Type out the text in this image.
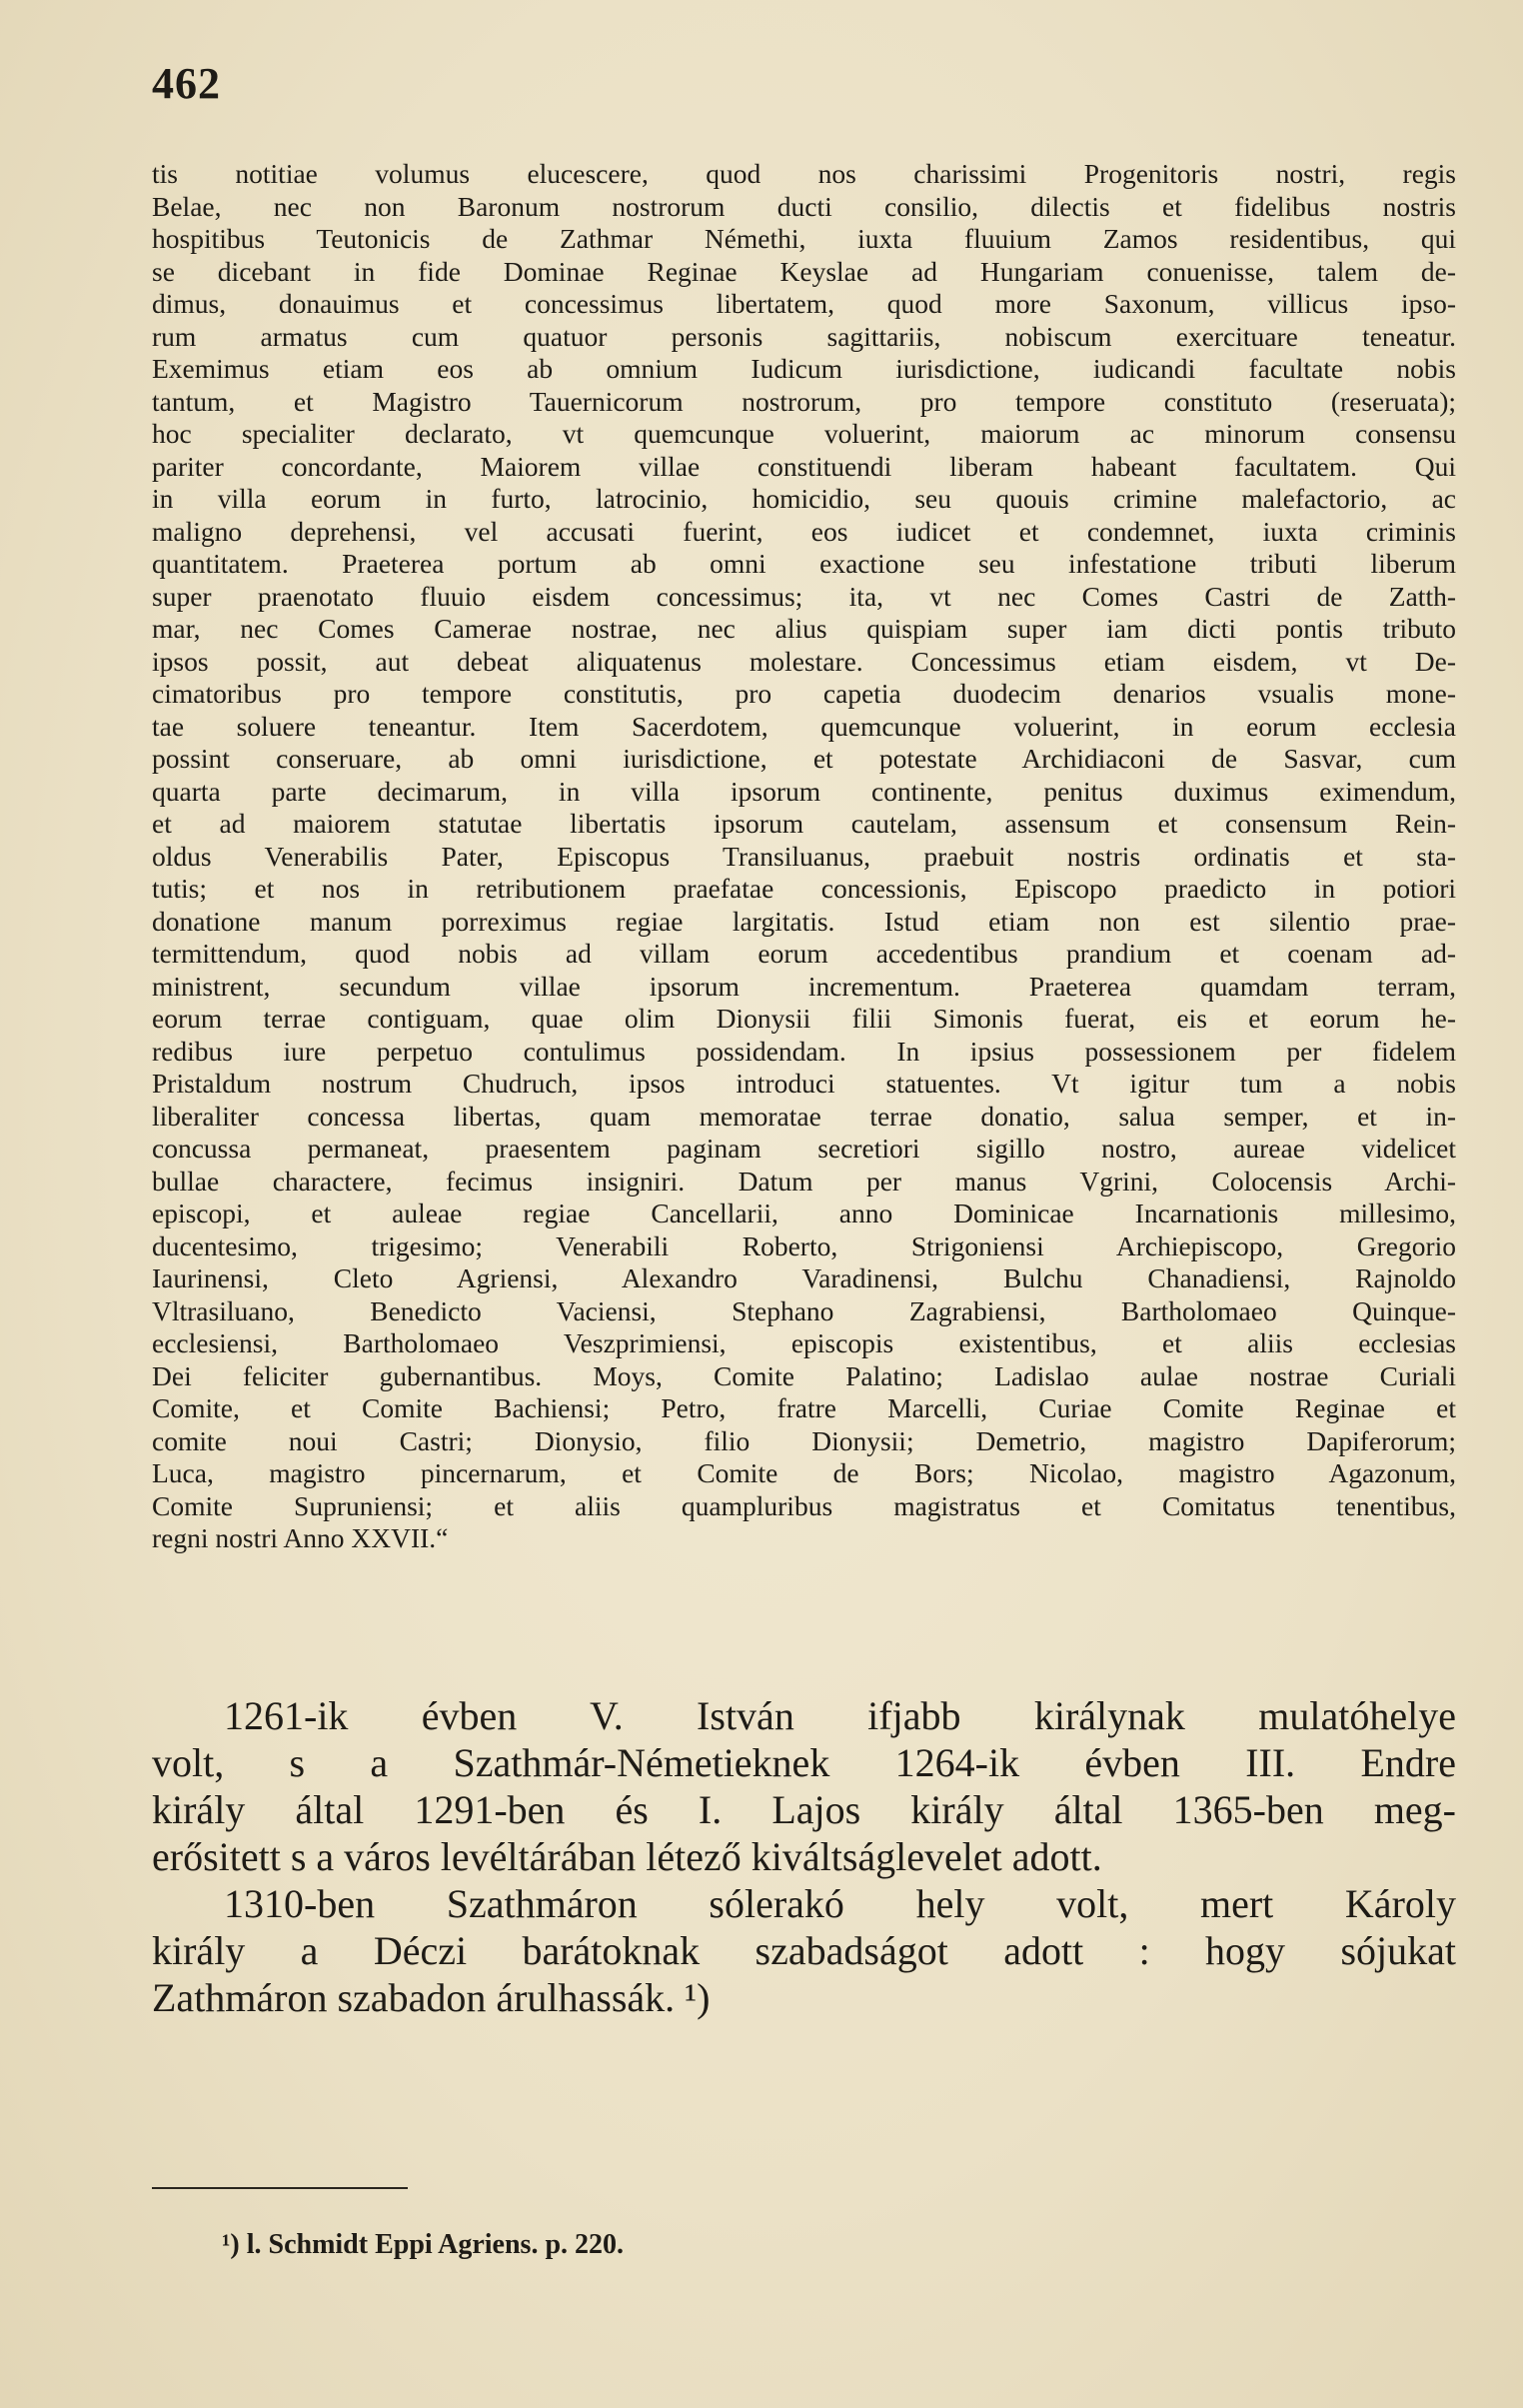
462
tis notitiae volumus elucescere, quod nos charissimi Progenitoris nostri, regis
Belae, nec non Baronum nostrorum ducti consilio, dilectis et fidelibus nostris
hospitibus Teutonicis de Zathmar Némethi, iuxta fluuium Zamos residentibus, qui
se dicebant in fide Dominae Reginae Keyslae ad Hungariam conuenisse, talem de-
dimus, donauimus et concessimus libertatem, quod more Saxonum, villicus ipso-
rum armatus cum quatuor personis sagittariis, nobiscum exercituare teneatur.
Exemimus etiam eos ab omnium Iudicum iurisdictione, iudicandi facultate nobis
tantum, et Magistro Tauernicorum nostrorum, pro tempore constituto (reseruata);
hoc specialiter declarato, vt quemcunque voluerint, maiorum ac minorum consensu
pariter concordante, Maiorem villae constituendi liberam habeant facultatem. Qui
in villa eorum in furto, latrocinio, homicidio, seu quouis crimine malefactorio, ac
maligno deprehensi, vel accusati fuerint, eos iudicet et condemnet, iuxta criminis
quantitatem. Praeterea portum ab omni exactione seu infestatione tributi liberum
super praenotato fluuio eisdem concessimus; ita, vt nec Comes Castri de Zatth-
mar, nec Comes Camerae nostrae, nec alius quispiam super iam dicti pontis tributo
ipsos possit, aut debeat aliquatenus molestare. Concessimus etiam eisdem, vt De-
cimatoribus pro tempore constitutis, pro capetia duodecim denarios vsualis mone-
tae soluere teneantur. Item Sacerdotem, quemcunque voluerint, in eorum ecclesia
possint conseruare, ab omni iurisdictione, et potestate Archidiaconi de Sasvar, cum
quarta parte decimarum, in villa ipsorum continente, penitus duximus eximendum,
et ad maiorem statutae libertatis ipsorum cautelam, assensum et consensum Rein-
oldus Venerabilis Pater, Episcopus Transiluanus, praebuit nostris ordinatis et sta-
tutis; et nos in retributionem praefatae concessionis, Episcopo praedicto in potiori
donatione manum porreximus regiae largitatis. Istud etiam non est silentio prae-
termittendum, quod nobis ad villam eorum accedentibus prandium et coenam ad-
ministrent, secundum villae ipsorum incrementum. Praeterea quamdam terram,
eorum terrae contiguam, quae olim Dionysii filii Simonis fuerat, eis et eorum he-
redibus iure perpetuo contulimus possidendam. In ipsius possessionem per fidelem
Pristaldum nostrum Chudruch, ipsos introduci statuentes. Vt igitur tum a nobis
liberaliter concessa libertas, quam memoratae terrae donatio, salua semper, et in-
concussa permaneat, praesentem paginam secretiori sigillo nostro, aureae videlicet
bullae charactere, fecimus insigniri. Datum per manus Vgrini, Colocensis Archi-
episcopi, et auleae regiae Cancellarii, anno Dominicae Incarnationis millesimo,
ducentesimo, trigesimo; Venerabili Roberto, Strigoniensi Archiepiscopo, Gregorio
Iaurinensi, Cleto Agriensi, Alexandro Varadinensi, Bulchu Chanadiensi, Rajnoldo
Vltrasiluano, Benedicto Vaciensi, Stephano Zagrabiensi, Bartholomaeo Quinque-
ecclesiensi, Bartholomaeo Veszprimiensi, episcopis existentibus, et aliis ecclesias
Dei feliciter gubernantibus. Moys, Comite Palatino; Ladislao aulae nostrae Curiali
Comite, et Comite Bachiensi; Petro, fratre Marcelli, Curiae Comite Reginae et
comite noui Castri; Dionysio, filio Dionysii; Demetrio, magistro Dapiferorum;
Luca, magistro pincernarum, et Comite de Bors; Nicolao, magistro Agazonum,
Comite Supruniensi; et aliis quampluribus magistratus et Comitatus tenentibus,
regni nostri Anno XXVII.“
1261-ik évben V. István ifjabb királynak mulatóhelye
volt, s a Szathmár-Németieknek 1264-ik évben III. Endre
király által 1291-ben és I. Lajos király által 1365-ben meg-
erősitett s a város levéltárában létező kiváltságlevelet adott.
1310-ben Szathmáron sólerakó hely volt, mert Károly
király a Déczi barátoknak szabadságot adott : hogy sójukat
Zathmáron szabadon árulhassák. ¹)
¹) l. Schmidt Eppi Agriens. p. 220.
